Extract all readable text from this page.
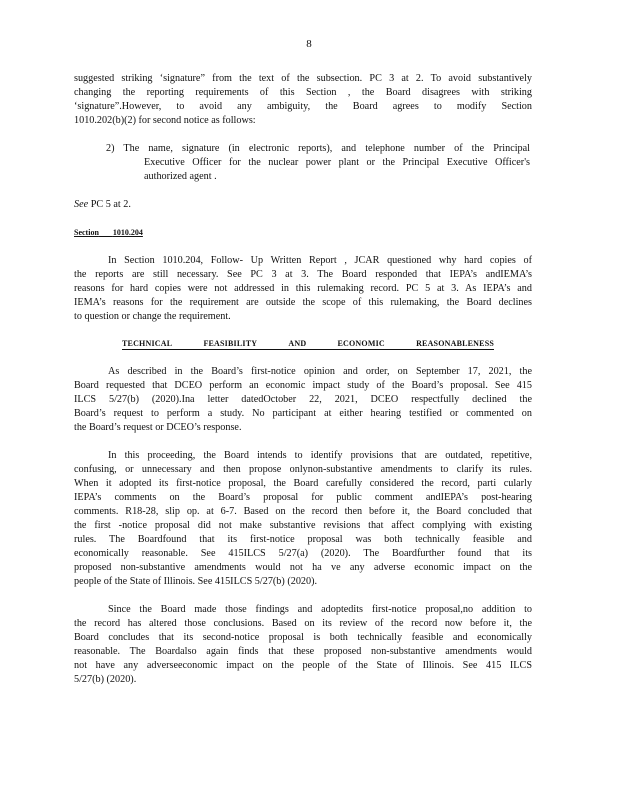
8
suggested striking ‘signature” from the text of the subsection. PC 3 at 2. To avoid substantively
changing the reporting requirements of this Section , the Board disagrees with striking
‘signature”.However, to avoid any ambiguity, the Board agrees to modify Section
1010.202(b)(2) for second notice as follows:
2) The name, signature (in electronic reports), and telephone number of the Principal
Executive Officer for the nuclear power plant or the Principal Executive Officer's
authorized agent .
See PC 5 at 2.
Section 1010.204
In Section 1010.204, Follow- Up Written Report , JCAR questioned why hard copies of
the reports are still necessary. See PC 3 at 3. The Board responded that IEPA’s andIEMA’s
reasons for hard copies were not addressed in this rulemaking record. PC 5 at 3. As IEPA’s and
IEMA’s reasons for the requirement are outside the scope of this rulemaking, the Board declines
to question or change the requirement.
TECHNICAL	FEASIBILITY	AND	ECONOMIC	REASONABLENESS
As described in the Board’s first-notice opinion and order, on September 17, 2021, the
Board requested that DCEO perform an economic impact study of the Board’s proposal. See 415
ILCS 5/27(b) (2020).Ina letter datedOctober 22, 2021, DCEO respectfully declined the
Board’s request to perform a study. No participant at either hearing testified or commented on
the Board’s request or DCEO’s response.
In this proceeding, the Board intends to identify provisions that are outdated, repetitive,
confusing, or unnecessary and then propose onlynon-substantive amendments to clarify its rules.
When it adopted its first-notice proposal, the Board carefully considered the record, parti cularly
IEPA’s comments on the Board’s proposal for public comment andIEPA’s post-hearing
comments. R18-28, slip op. at 6-7. Based on the record then before it, the Board concluded that
the first -notice proposal did not make substantive revisions that affect complying with existing
rules. The Boardfound that its first-notice proposal was both technically feasible and
economically reasonable. See 415ILCS 5/27(a) (2020). The Boardfurther found that its
proposed non-substantive amendments would not ha ve any adverse economic impact on the
people of the State of Illinois. See 415ILCS 5/27(b) (2020).
Since the Board made those findings and adoptedits first-notice proposal,no addition to
the record has altered those conclusions. Based on its review of the record now before it, the
Board concludes that its second-notice proposal is both technically feasible and economically
reasonable. The Boardalso again finds that these proposed non-substantive amendments would
not have any adverseeconomic impact on the people of the State of Illinois. See 415 ILCS
5/27(b) (2020).
